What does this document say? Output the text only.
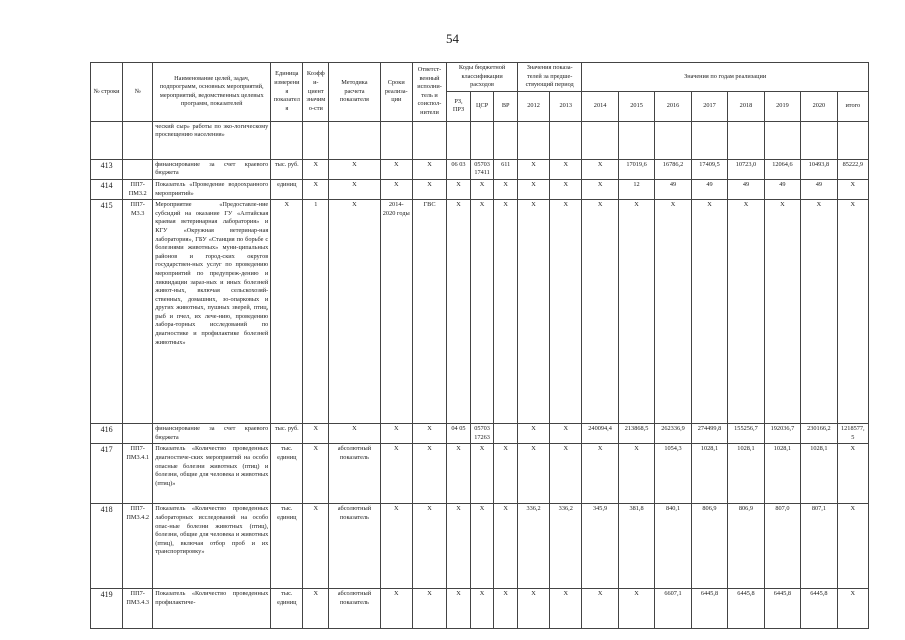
54
№ строки	№	Наименование целей, задач, подпрограмм, основных мероприятий, мероприятий, ведомственных целевых программ, показателей	Единица измерения показателя	Коэффи-циент значимо-сти	Методика расчета показателя	Сроки реализа-ции	Ответст-венный исполни-тель и соиспол-нители	Коды бюджетной классификации расходов			Значения показа-телей за предше-ствующий период		Значения по годам реализации							
								РЗ, ПРЗ	ЦСР	ВР	2012	2013	2014	2015	2016	2017	2018	2019	2020	итого
		ческий сыр» работы по эко-логическому просвещению населения»																		
413		финансирование за счет краевого бюджета	тыс. руб.	X	X	X	X	06 03	05703 17411	611	X	X	X	17019,6	16786,2	17409,5	10723,0	12064,6	10493,8	85222,9
414	ПП7-ПМ3.2	Показатель «Проведение водоохранного мероприятий»	единиц	X	X	X	X	X	X	X	X	X	X	12	49	49	49	49	49	X
415	ПП7-М3.3	Мероприятие «Предоставле-ние субсидий на оказание ГУ «Алтайская краевая ветеринарная лаборатория» и КГУ «Окружная ветеринар-ная лаборатория», ГБУ «Станция по борьбе с болезнями животных» муни-ципальных районов и город-ских округов государствен-ных услуг по проведению мероприятий по предупреж-дению и ликвидации зараз-ных и иных болезней живот-ных, включая сельскохозяй-ственных, домашних, зо-опарковых и других животных, пушных зверей, птиц, рыб и пчел, их лече-нию, проведению лабора-торных исследований по диагностике и профилактике болезней животных»	X	1	X	2014-2020 годы	ГВС	X	X	X	X	X	X	X	X	X	X	X	X	X
416		финансирование за счет краевого бюджета	тыс. руб.	X	X	X	X	04 05	05703 17263		X	X	240094,4	213868,5	262336,9	274499,8	155256,7	192036,7	230166,2	1218577,5
417	ПП7-ПМ3.4.1	Показатель «Количество проведенных диагностиче-ских мероприятий на особо опасные болезни животных (птиц) и болезни, общие для человека и животных (птиц)»	тыс. единиц	X	абсолютный показатель	X	X	X	X	X	X	X	X	X	1054,3	1028,1	1028,1	1028,1	1028,1	X
418	ПП7-ПМ3.4.2	Показатель «Количество проведенных лабораторных исследований на особо опас-ные болезни животных (птиц), болезни, общие для человека и животных (птиц), включая отбор проб и их транспортировку»	тыс. единиц	X	абсолютный показатель	X	X	X	X	X	336,2	336,2	345,9	381,8	840,1	806,9	806,9	807,0	807,1	X
419	ПП7-ПМ3.4.3	Показатель «Количество проведенных профилактиче-	тыс. единиц	X	абсолютный показатель	X	X	X	X	X	X	X	X	X	6607,1	6445,8	6445,8	6445,8	6445,8	X
